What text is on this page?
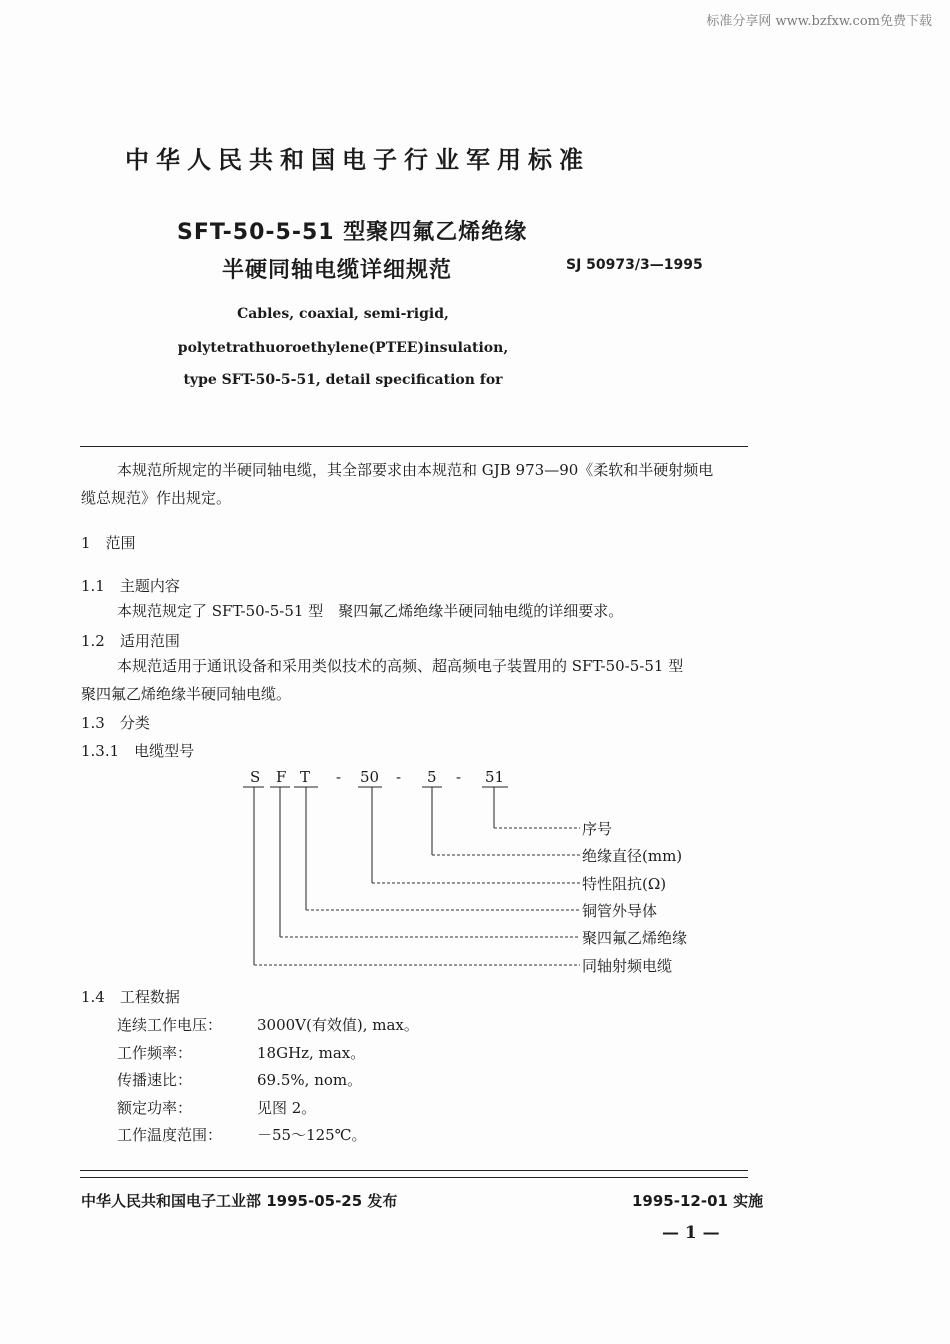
标准分享网 www.bzfxw.com免费下载
中华人民共和国电子行业军用标准
SFT-50-5-51 型聚四氟乙烯绝缘
半硬同轴电缆详细规范	SJ 50973/3—1995
Cables, coaxial, semi-rigid,
polytetrathuoroethylene(PTEE)insulation,
type SFT-50-5-51, detail specification for
本规范所规定的半硬同轴电缆，其全部要求由本规范和 GJB 973—90《柔软和半硬射频电
缆总规范》作出规定。
1　范围
1.1　主题内容
本规范规定了 SFT-50-5-51 型　聚四氟乙烯绝缘半硬同轴电缆的详细要求。
1.2　适用范围
本规范适用于通讯设备和采用类似技术的高频、超高频电子装置用的 SFT-50-5-51 型
聚四氟乙烯绝缘半硬同轴电缆。
1.3　分类
1.3.1　电缆型号
S F T - 50 - 5 - 51
序号
绝缘直径(mm)
特性阻抗(Ω)
铜管外导体
聚四氟乙烯绝缘
同轴射频电缆
1.4　工程数据
连续工作电压： 3000V(有效值), max。
工作频率：	18GHz, max。
传播速比：	69.5%, nom。
额定功率：	见图 2。
工作温度范围： －55～125℃。
中华人民共和国电子工业部 1995-05-25 发布	1995-12-01 实施
— 1 —
